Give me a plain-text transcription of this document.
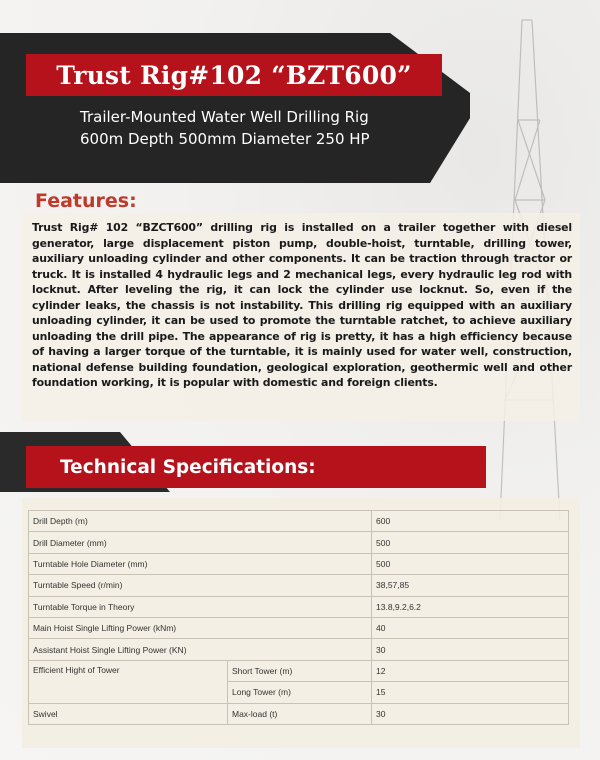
Trust Rig#102 “BZT600”
Trailer-Mounted Water Well Drilling Rig
600m Depth 500mm Diameter 250 HP
Features:
Trust Rig# 102 “BZCT600” drilling rig is installed on a trailer together with diesel generator, large displacement piston pump, double-hoist, turntable, drilling tower, auxiliary unloading cylinder and other components. It can be traction through tractor or truck. It is installed 4 hydraulic legs and 2 mechanical legs, every hydraulic leg rod with locknut. After leveling the rig, it can lock the cylinder use locknut. So, even if the cylinder leaks, the chassis is not instability. This drilling rig equipped with an auxiliary unloading cylinder, it can be used to promote the turntable ratchet, to achieve auxiliary unloading the drill pipe. The appearance of rig is pretty, it has a high efficiency because of having a larger torque of the turntable, it is mainly used for water well, construction, national defense building foundation, geological exploration, geothermic well and other foundation working, it is popular with domestic and foreign clients.
Technical Specifications:
Drill Depth (m)		600
Drill Diameter (mm)		500
Turntable Hole Diameter (mm)		500
Turntable Speed (r/min)		38,57,85
Turntable Torque in Theory		13.8,9.2,6.2
Main Hoist Single Lifting Power (kNm)		40
Assistant Hoist Single Lifting Power (KN)		30
Efficient Hight of Tower	Short Tower (m)	12
	Long Tower (m)	15
Swivel	Max-load (t)	30
